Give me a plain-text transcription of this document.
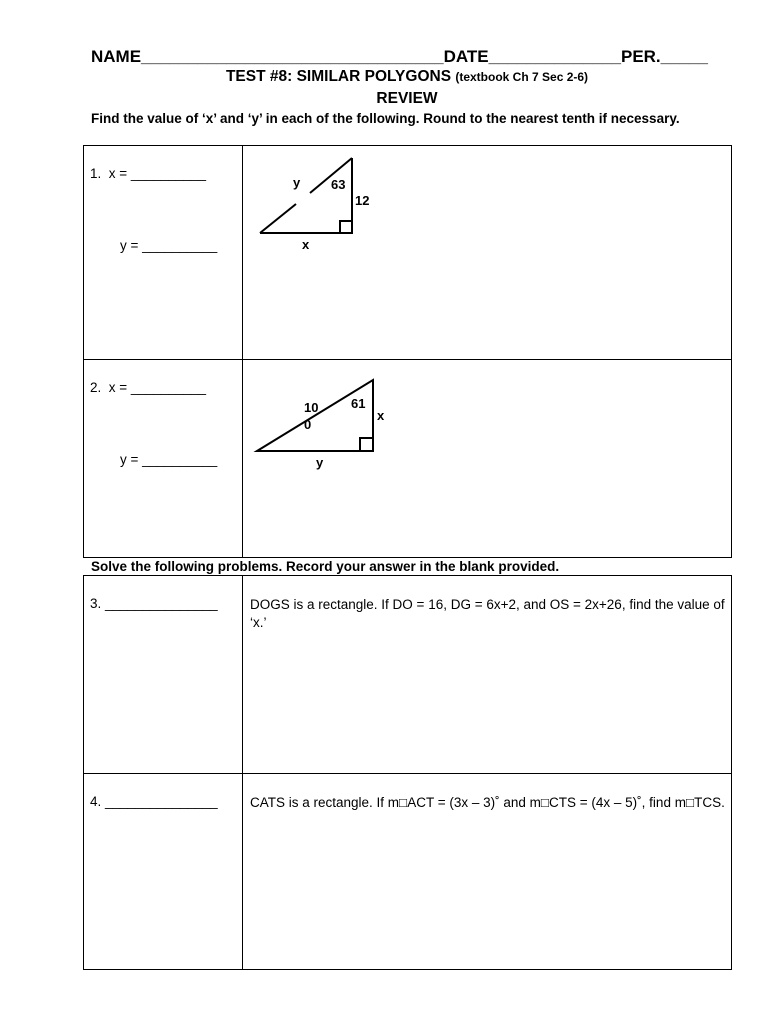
NAME________________________________DATE______________PER._____
TEST #8: SIMILAR POLYGONS (textbook Ch 7 Sec 2-6)
REVIEW
Find the value of ‘x’ and ‘y’ in each of the following. Round to the nearest tenth if necessary.
1.  x = __________
y = __________	y 63
12
x

2.  x = __________
y = __________	10
0
61
x
y
Solve the following problems. Record your answer in the blank provided.
3. _______________	DOGS is a rectangle. If DO = 16, DG = 6x+2, and OS = 2x+26, find the value of ‘x.’

4. _______________	CATS is a rectangle. If m□ACT = (3x – 3)˚ and m□CTS = (4x – 5)˚, find m□TCS.
